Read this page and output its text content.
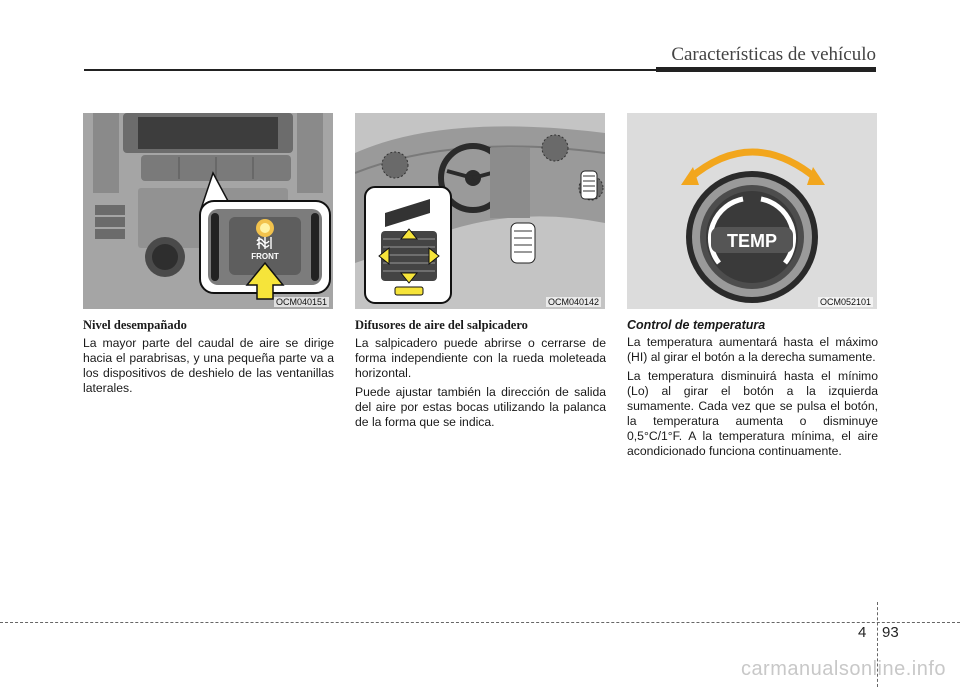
Características de vehículo
FRONT
OCM040151	OCM040142
TEMP
OCM052101
Nivel desempañado

La mayor parte del caudal de aire se dirige hacia el parabrisas, y una pequeña parte va a los dispositivos de deshielo de las ventanillas laterales.

Difusores de aire del salpicadero

La salpicadero puede abrirse o cerrarse de forma independiente con la rueda moleteada horizontal.

Puede ajustar también la dirección de salida del aire por estas bocas utilizando la palanca de la forma que se indica.

Control de temperatura

La temperatura aumentará hasta el máximo (HI) al girar el botón a la derecha sumamente.

La temperatura disminuirá hasta el mínimo (Lo) al girar el botón a la izquierda sumamente. Cada vez que se pulsa el botón, la temperatura aumenta o disminuye 0,5°C/1°F. A la temperatura mínima, el aire acondicionado funciona continuamente.

4 93
carmanualsonline.info
